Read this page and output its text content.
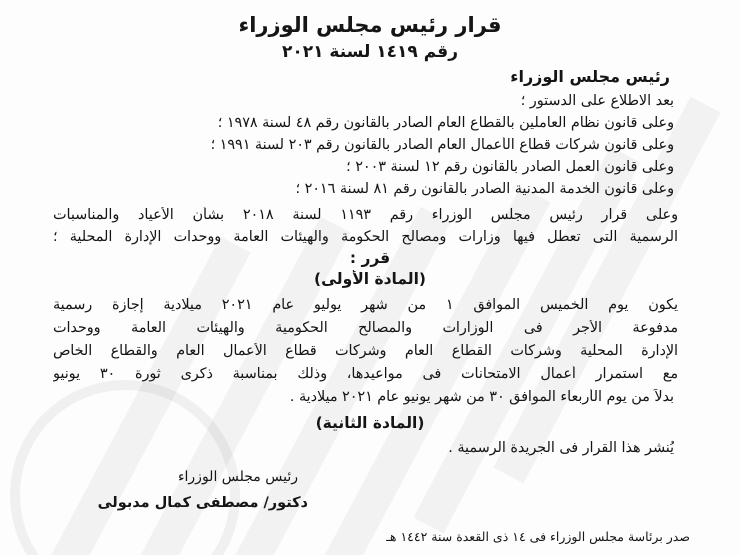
قرار رئيس مجلس الوزراء
رقم ١٤١٩ لسنة ٢٠٢١
رئيس مجلس الوزراء
بعد الاطلاع على الدستور ؛
وعلى قانون نظام العاملين بالقطاع العام الصادر بالقانون رقم ٤٨ لسنة ١٩٧٨ ؛
وعلى قانون شركات قطاع الأعمال العام الصادر بالقانون رقم ٢٠٣ لسنة ١٩٩١ ؛
وعلى قانون العمل الصادر بالقانون رقم ١٢ لسنة ٢٠٠٣ ؛
وعلى قانون الخدمة المدنية الصادر بالقانون رقم ٨١ لسنة ٢٠١٦ ؛
وعلى قرار رئيس مجلس الوزراء رقم ١١٩٣ لسنة ٢٠١٨ بشأن الأعياد والمناسبات
الرسمية التى تعطل فيها وزارات ومصالح الحكومة والهيئات العامة ووحدات الإدارة المحلية ؛
قرر :
(المادة الأولى)
يكون يوم الخميس الموافق ١ من شهر يوليو عام ٢٠٢١ ميلادية إجازة رسمية
مدفوعة الأجر فى الوزارات والمصالح الحكومية والهيئات العامة ووحدات
الإدارة المحلية وشركات القطاع العام وشركات قطاع الأعمال العام والقطاع الخاص
مع استمرار أعمال الامتحانات فى مواعيدها، وذلك بمناسبة ذكرى ثورة ٣٠ يونيو
بدلاً من يوم الأربعاء الموافق ٣٠ من شهر يونيو عام ٢٠٢١ ميلادية .
(المادة الثانية)
يُنشر هذا القرار فى الجريدة الرسمية .
رئيس مجلس الوزراء
دكتور/ مصطفى كمال مدبولى
صدر برئاسة مجلس الوزراء فى ١٤ ذى القعدة سنة ١٤٤٢ هـ
